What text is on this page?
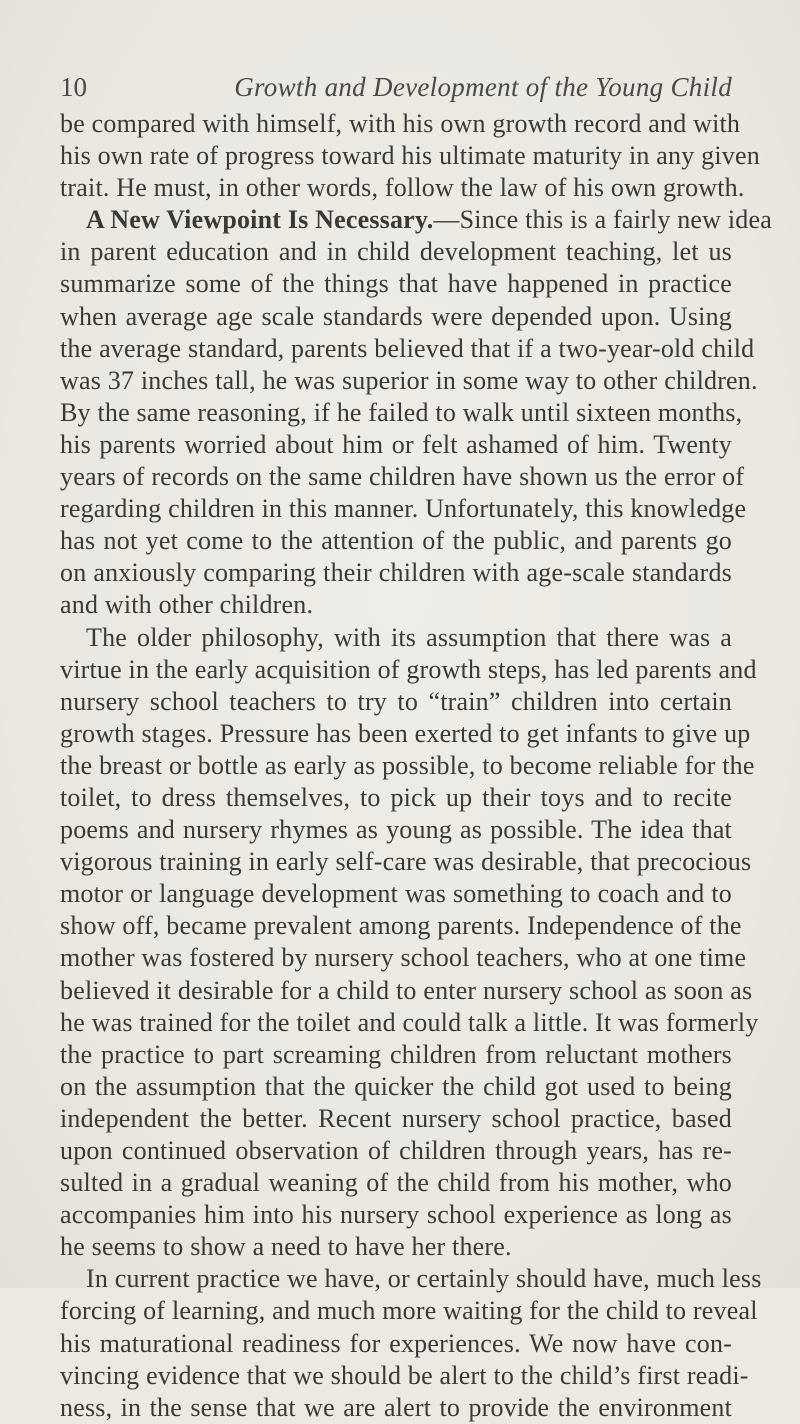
10	Growth and Development of the Young Child
be compared with himself, with his own growth record and with
his own rate of progress toward his ultimate maturity in any given
trait. He must, in other words, follow the law of his own growth.
A New Viewpoint Is Necessary.—Since this is a fairly new idea
in parent education and in child development teaching, let us
summarize some of the things that have happened in practice
when average age scale standards were depended upon. Using
the average standard, parents believed that if a two-year-old child
was 37 inches tall, he was superior in some way to other children.
By the same reasoning, if he failed to walk until sixteen months,
his parents worried about him or felt ashamed of him. Twenty
years of records on the same children have shown us the error of
regarding children in this manner. Unfortunately, this knowledge
has not yet come to the attention of the public, and parents go
on anxiously comparing their children with age-scale standards
and with other children.
The older philosophy, with its assumption that there was a
virtue in the early acquisition of growth steps, has led parents and
nursery school teachers to try to “train” children into certain
growth stages. Pressure has been exerted to get infants to give up
the breast or bottle as early as possible, to become reliable for the
toilet, to dress themselves, to pick up their toys and to recite
poems and nursery rhymes as young as possible. The idea that
vigorous training in early self-care was desirable, that precocious
motor or language development was something to coach and to
show off, became prevalent among parents. Independence of the
mother was fostered by nursery school teachers, who at one time
believed it desirable for a child to enter nursery school as soon as
he was trained for the toilet and could talk a little. It was formerly
the practice to part screaming children from reluctant mothers
on the assumption that the quicker the child got used to being
independent the better. Recent nursery school practice, based
upon continued observation of children through years, has re-
sulted in a gradual weaning of the child from his mother, who
accompanies him into his nursery school experience as long as
he seems to show a need to have her there.
In current practice we have, or certainly should have, much less
forcing of learning, and much more waiting for the child to reveal
his maturational readiness for experiences. We now have con-
vincing evidence that we should be alert to the child’s first readi-
ness, in the sense that we are alert to provide the environment
